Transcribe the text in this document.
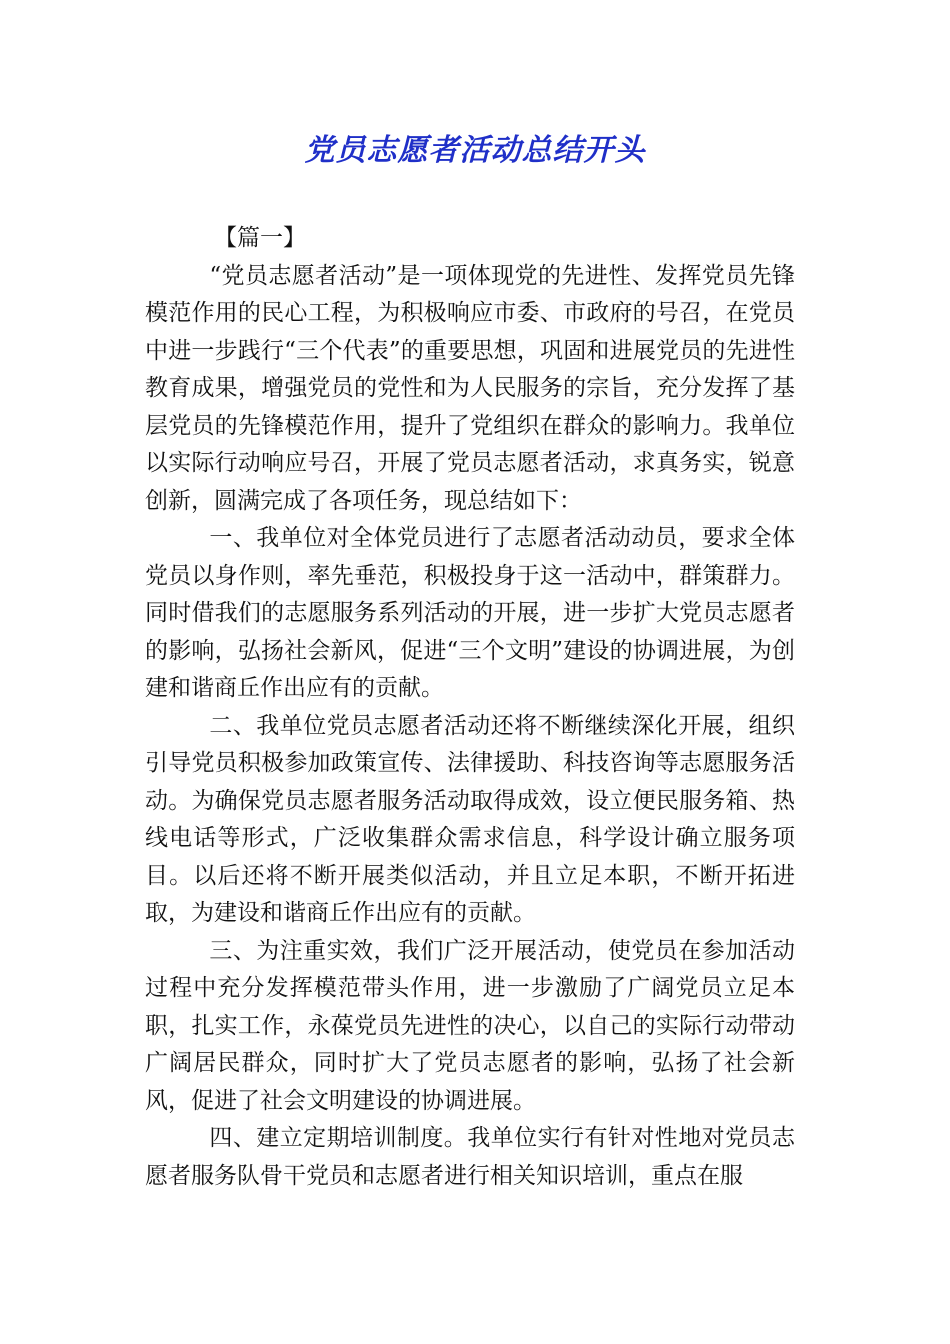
党员志愿者活动总结开头

【篇一】

“党员志愿者活动”是一项体现党的先进性、发挥党员先锋模范作用的民心工程，为积极响应市委、市政府的号召，在党员中进一步践行“三个代表”的重要思想，巩固和进展党员的先进性教育成果，增强党员的党性和为人民服务的宗旨，充分发挥了基层党员的先锋模范作用，提升了党组织在群众的影响力。我单位以实际行动响应号召，开展了党员志愿者活动，求真务实，锐意创新，圆满完成了各项任务，现总结如下：

一、我单位对全体党员进行了志愿者活动动员，要求全体党员以身作则，率先垂范，积极投身于这一活动中，群策群力。同时借我们的志愿服务系列活动的开展，进一步扩大党员志愿者的影响，弘扬社会新风，促进“三个文明”建设的协调进展，为创建和谐商丘作出应有的贡献。

二、我单位党员志愿者活动还将不断继续深化开展，组织引导党员积极参加政策宣传、法律援助、科技咨询等志愿服务活动。为确保党员志愿者服务活动取得成效，设立便民服务箱、热线电话等形式，广泛收集群众需求信息，科学设计确立服务项目。以后还将不断开展类似活动，并且立足本职，不断开拓进取，为建设和谐商丘作出应有的贡献。

三、为注重实效，我们广泛开展活动，使党员在参加活动过程中充分发挥模范带头作用，进一步激励了广阔党员立足本职，扎实工作，永葆党员先进性的决心，以自己的实际行动带动广阔居民群众，同时扩大了党员志愿者的影响，弘扬了社会新风，促进了社会文明建设的协调进展。

四、建立定期培训制度。我单位实行有针对性地对党员志愿者服务队骨干党员和志愿者进行相关知识培训，重点在服
